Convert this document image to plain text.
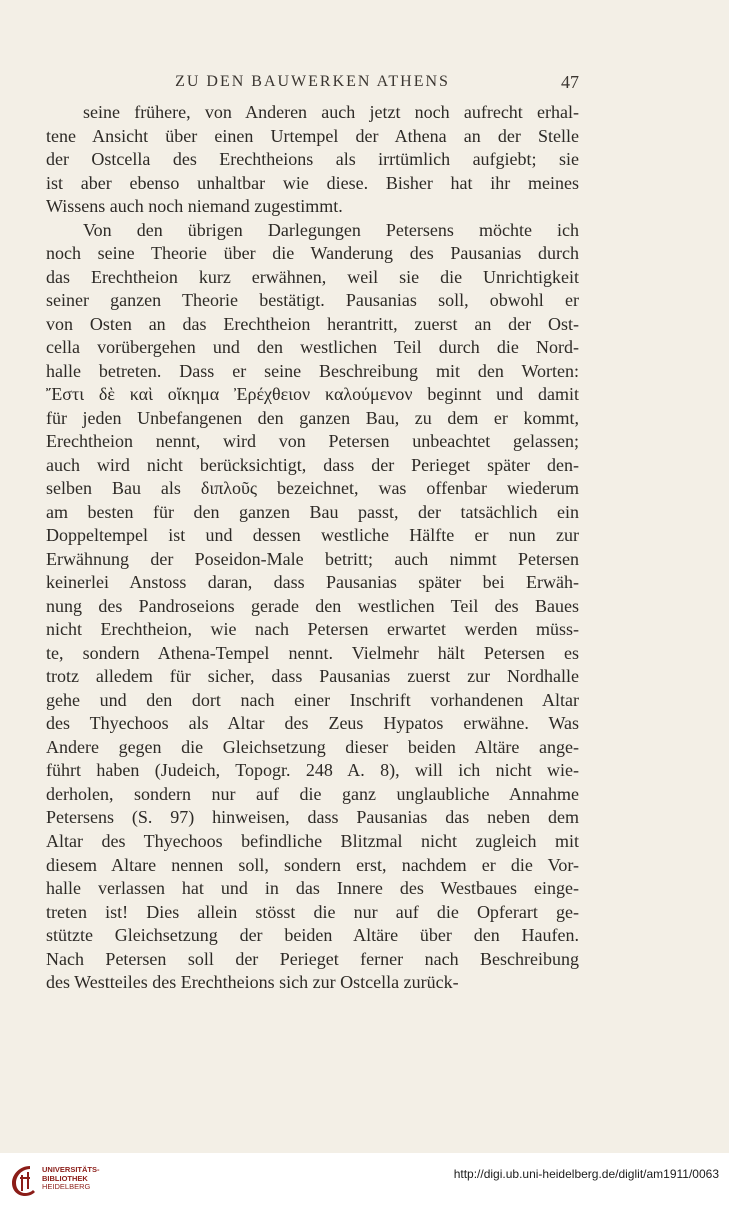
ZU DEN BAUWERKEN ATHENS	47
seine frühere, von Anderen auch jetzt noch aufrecht erhal-
tene Ansicht über einen Urtempel der Athena an der Stelle
der Ostcella des Erechtheions als irrtümlich aufgiebt; sie
ist aber ebenso unhaltbar wie diese. Bisher hat ihr meines
Wissens auch noch niemand zugestimmt.
Von den übrigen Darlegungen Petersens möchte ich
noch seine Theorie über die Wanderung des Pausanias durch
das Erechtheion kurz erwähnen, weil sie die Unrichtigkeit
seiner ganzen Theorie bestätigt. Pausanias soll, obwohl er
von Osten an das Erechtheion herantritt, zuerst an der Ost-
cella vorübergehen und den westlichen Teil durch die Nord-
halle betreten. Dass er seine Beschreibung mit den Worten:
Ἔστι δὲ καὶ οἴκημα Ἐρέχθειον καλούμενον beginnt und damit
für jeden Unbefangenen den ganzen Bau, zu dem er kommt,
Erechtheion nennt, wird von Petersen unbeachtet gelassen;
auch wird nicht berücksichtigt, dass der Perieget später den-
selben Bau als διπλοῦς bezeichnet, was offenbar wiederum
am besten für den ganzen Bau passt, der tatsächlich ein
Doppeltempel ist und dessen westliche Hälfte er nun zur
Erwähnung der Poseidon-Male betritt; auch nimmt Petersen
keinerlei Anstoss daran, dass Pausanias später bei Erwäh-
nung des Pandroseions gerade den westlichen Teil des Baues
nicht Erechtheion, wie nach Petersen erwartet werden müss-
te, sondern Athena-Tempel nennt. Vielmehr hält Petersen es
trotz alledem für sicher, dass Pausanias zuerst zur Nordhalle
gehe und den dort nach einer Inschrift vorhandenen Altar
des Thyechoos als Altar des Zeus Hypatos erwähne. Was
Andere gegen die Gleichsetzung dieser beiden Altäre ange-
führt haben (Judeich, Topogr. 248 A. 8), will ich nicht wie-
derholen, sondern nur auf die ganz unglaubliche Annahme
Petersens (S. 97) hinweisen, dass Pausanias das neben dem
Altar des Thyechoos befindliche Blitzmal nicht zugleich mit
diesem Altare nennen soll, sondern erst, nachdem er die Vor-
halle verlassen hat und in das Innere des Westbaues einge-
treten ist! Dies allein stösst die nur auf die Opferart ge-
stützte Gleichsetzung der beiden Altäre über den Haufen.
Nach Petersen soll der Perieget ferner nach Beschreibung
des Westteiles des Erechtheions sich zur Ostcella zurück-
UNIVERSITÄTS-
BIBLIOTHEK
HEIDELBERG
http://digi.ub.uni-heidelberg.de/diglit/am1911/0063
